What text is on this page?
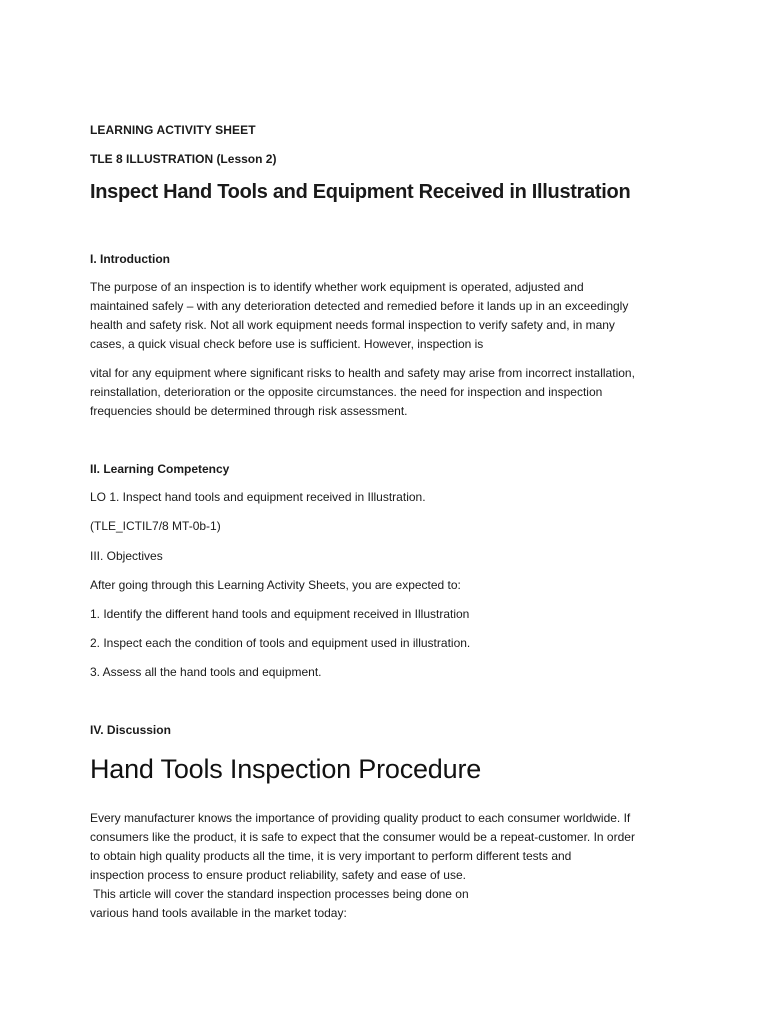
LEARNING ACTIVITY SHEET
TLE 8 ILLUSTRATION (Lesson 2)
Inspect Hand Tools and Equipment Received in Illustration
I. Introduction
The purpose of an inspection is to identify whether work equipment is operated, adjusted and
maintained safely – with any deterioration detected and remedied before it lands up in an exceedingly
health and safety risk. Not all work equipment needs formal inspection to verify safety and, in many
cases, a quick visual check before use is sufficient. However, inspection is
vital for any equipment where significant risks to health and safety may arise from incorrect installation,
reinstallation, deterioration or the opposite circumstances. the need for inspection and inspection
frequencies should be determined through risk assessment.
II. Learning Competency
LO 1. Inspect hand tools and equipment received in Illustration.
(TLE_ICTIL7/8 MT-0b-1)
III. Objectives
After going through this Learning Activity Sheets, you are expected to:
1. Identify the different hand tools and equipment received in Illustration
2. Inspect each the condition of tools and equipment used in illustration.
3. Assess all the hand tools and equipment.
IV. Discussion
Hand Tools Inspection Procedure
Every manufacturer knows the importance of providing quality product to each consumer worldwide. If
consumers like the product, it is safe to expect that the consumer would be a repeat-customer. In order
to obtain high quality products all the time, it is very important to perform different tests and
inspection process to ensure product reliability, safety and ease of use.
This article will cover the standard inspection processes being done on
various hand tools available in the market today:
